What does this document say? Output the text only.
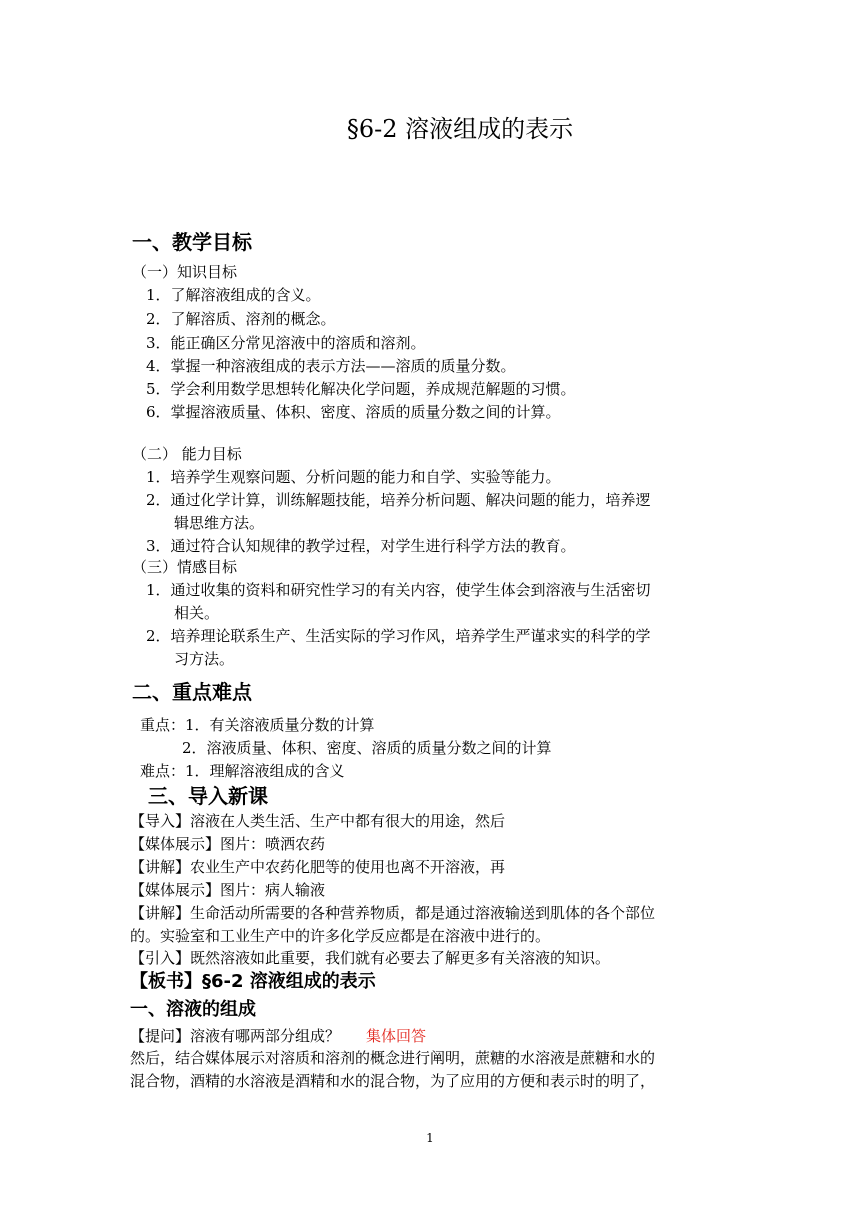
§6-2 溶液组成的表示
一、教学目标
（一）知识目标
1．了解溶液组成的含义。
2．了解溶质、溶剂的概念。
3．能正确区分常见溶液中的溶质和溶剂。
4．掌握一种溶液组成的表示方法——溶质的质量分数。
5．学会利用数学思想转化解决化学问题，养成规范解题的习惯。
6．掌握溶液质量、体积、密度、溶质的质量分数之间的计算。
（二） 能力目标
1．培养学生观察问题、分析问题的能力和自学、实验等能力。
2．通过化学计算，训练解题技能，培养分析问题、解决问题的能力，培养逻
辑思维方法。
3．通过符合认知规律的教学过程，对学生进行科学方法的教育。
（三）情感目标
1．通过收集的资料和研究性学习的有关内容，使学生体会到溶液与生活密切
相关。
2．培养理论联系生产、生活实际的学习作风，培养学生严谨求实的科学的学
习方法。
二、重点难点
重点：1．有关溶液质量分数的计算
2．溶液质量、体积、密度、溶质的质量分数之间的计算
难点：1．理解溶液组成的含义
三、导入新课
【导入】溶液在人类生活、生产中都有很大的用途，然后
【媒体展示】图片：喷洒农药
【讲解】农业生产中农药化肥等的使用也离不开溶液，再
【媒体展示】图片：病人输液
【讲解】生命活动所需要的各种营养物质，都是通过溶液输送到肌体的各个部位
的。实验室和工业生产中的许多化学反应都是在溶液中进行的。
【引入】既然溶液如此重要，我们就有必要去了解更多有关溶液的知识。
【板书】§6-2 溶液组成的表示
一、溶液的组成
【提问】溶液有哪两部分组成？ 集体回答
然后，结合媒体展示对溶质和溶剂的概念进行阐明，蔗糖的水溶液是蔗糖和水的
混合物，酒精的水溶液是酒精和水的混合物，为了应用的方便和表示时的明了，
1
